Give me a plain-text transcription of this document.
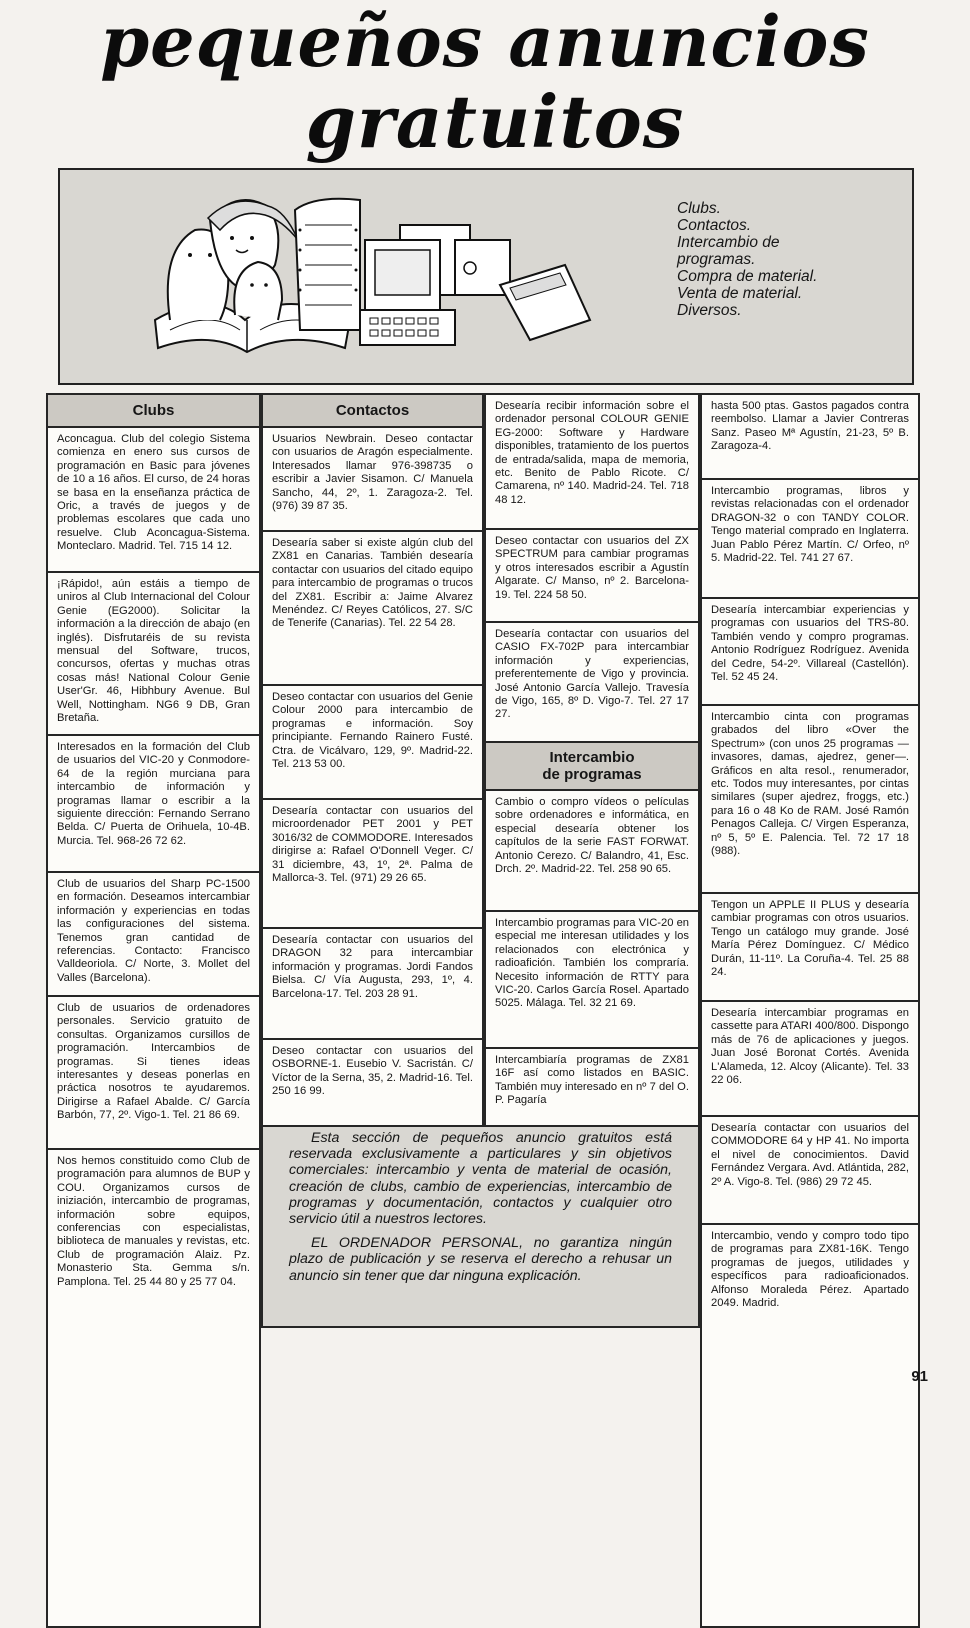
pequeños anuncios
gratuitos
Clubs.
Contactos.
Intercambio de
programas.
Compra de material.
Venta de material.
Diversos.
Clubs

Aconcagua. Club del colegio Sistema comienza en enero sus cursos de programación en Basic para jóvenes de 10 a 16 años. El curso, de 24 horas se basa en la enseñanza práctica de Oric, a través de juegos y de problemas escolares que cada uno resuelve. Club Aconcagua-Sistema. Monteclaro. Madrid. Tel. 715 14 12.

¡Rápido!, aún estáis a tiempo de uniros al Club Internacional del Colour Genie (EG2000). Solicitar la información a la dirección de abajo (en inglés). Disfrutaréis de su revista mensual del Software, trucos, concursos, ofertas y muchas otras cosas más! National Colour Genie User'Gr. 46, Hibhbury Avenue. Bul Well, Nottingham. NG6 9 DB, Gran Bretaña.

Interesados en la formación del Club de usuarios del VIC-20 y Conmodore-64 de la región murciana para intercambio de información y programas llamar o escribir a la siguiente dirección: Fernando Serrano Belda. C/ Puerta de Orihuela, 10-4B. Murcia. Tel. 968-26 72 62.

Club de usuarios del Sharp PC-1500 en formación. Deseamos intercambiar información y experiencias en todas las configuraciones del sistema. Tenemos gran cantidad de referencias. Contacto: Francisco Valldeoriola. C/ Norte, 3. Mollet del Valles (Barcelona).

Club de usuarios de ordenadores personales. Servicio gratuito de consultas. Organizamos cursillos de programación. Intercambios de programas. Si tienes ideas interesantes y deseas ponerlas en práctica nosotros te ayudaremos. Dirigirse a Rafael Abalde. C/ García Barbón, 77, 2º. Vigo-1. Tel. 21 86 69.

Nos hemos constituido como Club de programación para alumnos de BUP y COU. Organizamos cursos de iniziación, intercambio de programas, información sobre equipos, conferencias con especialistas, biblioteca de manuales y revistas, etc. Club de programación Alaiz. Pz. Monasterio Sta. Gemma s/n. Pamplona. Tel. 25 44 80 y 25 77 04.

Contactos

Usuarios Newbrain. Deseo contactar con usuarios de Aragón especialmente. Interesados llamar 976-398735 o escribir a Javier Sisamon. C/ Manuela Sancho, 44, 2º, 1. Zaragoza-2. Tel. (976) 39 87 35.

Desearía saber si existe algún club del ZX81 en Canarias. También desearía contactar con usuarios del citado equipo para intercambio de programas o trucos del ZX81. Escribir a: Jaime Alvarez Menéndez. C/ Reyes Católicos, 27. S/C de Tenerife (Canarias). Tel. 22 54 28.

Deseo contactar con usuarios del Genie Colour 2000 para intercambio de programas e información. Soy principiante. Fernando Rainero Fusté. Ctra. de Vicálvaro, 129, 9º. Madrid-22. Tel. 213 53 00.

Desearía contactar con usuarios del microordenador PET 2001 y PET 3016/32 de COMMODORE. Interesados dirigirse a: Rafael O'Donnell Veger. C/ 31 diciembre, 43, 1º, 2ª. Palma de Mallorca-3. Tel. (971) 29 26 65.

Desearía contactar con usuarios del DRAGON 32 para intercambiar información y programas. Jordi Fandos Bielsa. C/ Vía Augusta, 293, 1º, 4. Barcelona-17. Tel. 203 28 91.

Deseo contactar con usuarios del OSBORNE-1. Eusebio V. Sacristán. C/ Víctor de la Serna, 35, 2. Madrid-16. Tel. 250 16 99.

Desearía recibir información sobre el ordenador personal COLOUR GENIE EG-2000: Software y Hardware disponibles, tratamiento de los puertos de entrada/salida, mapa de memoria, etc. Benito de Pablo Ricote. C/ Camarena, nº 140. Madrid-24. Tel. 718 48 12.

Deseo contactar con usuarios del ZX SPECTRUM para cambiar programas y otros interesados escribir a Agustín Algarate. C/ Manso, nº 2. Barcelona-19. Tel. 224 58 50.

Desearía contactar con usuarios del CASIO FX-702P para intercambiar información y experiencias, preferentemente de Vigo y provincia. José Antonio García Vallejo. Travesía de Vigo, 165, 8º D. Vigo-7. Tel. 27 17 27.

Intercambio
de programas

Cambio o compro vídeos o películas sobre ordenadores e informática, en especial desearía obtener los capítulos de la serie FAST FORWAT. Antonio Cerezo. C/ Balandro, 41, Esc. Drch. 2º. Madrid-22. Tel. 258 90 65.

Intercambio programas para VIC-20 en especial me interesan utilidades y los relacionados con electrónica y radioafición. También los compraría. Necesito información de RTTY para VIC-20. Carlos García Rosel. Apartado 5025. Málaga. Tel. 32 21 69.

Intercambiaría programas de ZX81 16F así como listados en BASIC. También muy interesado en nº 7 del O. P. Pagaría

hasta 500 ptas. Gastos pagados contra reembolso. Llamar a Javier Contreras Sanz. Paseo Mª Agustín, 21-23, 5º B. Zaragoza-4.

Intercambio programas, libros y revistas relacionadas con el ordenador DRAGON-32 o con TANDY COLOR. Tengo material comprado en Inglaterra. Juan Pablo Pérez Martín. C/ Orfeo, nº 5. Madrid-22. Tel. 741 27 67.

Desearía intercambiar experiencias y programas con usuarios del TRS-80. También vendo y compro programas. Antonio Rodríguez Rodríguez. Avenida del Cedre, 54-2º. Villareal (Castellón). Tel. 52 45 24.

Intercambio cinta con programas grabados del libro «Over the Spectrum» (con unos 25 programas —invasores, damas, ajedrez, gener—. Gráficos en alta resol., renumerador, etc. Todos muy interesantes, por cintas similares (super ajedrez, froggs, etc.) para 16 o 48 Ko de RAM. José Ramón Penagos Calleja. C/ Virgen Esperanza, nº 5, 5º E. Palencia. Tel. 72 17 18 (988).

Tengon un APPLE II PLUS y desearía cambiar programas con otros usuarios. Tengo un catálogo muy grande. José María Pérez Domínguez. C/ Médico Durán, 11-11º. La Coruña-4. Tel. 25 88 24.

Desearía intercambiar programas en cassette para ATARI 400/800. Dispongo más de 76 de aplicaciones y juegos. Juan José Boronat Cortés. Avenida L'Alameda, 12. Alcoy (Alicante). Tel. 33 22 06.

Desearía contactar con usuarios del COMMODORE 64 y HP 41. No importa el nivel de conocimientos. David Fernández Vergara. Avd. Atlántida, 282, 2º A. Vigo-8. Tel. (986) 29 72 45.

Intercambio, vendo y compro todo tipo de programas para ZX81-16K. Tengo programas de juegos, utilidades y específicos para radioaficionados. Alfonso Moraleda Pérez. Apartado 2049. Madrid.

Esta sección de pequeños anuncio gratuitos está reservada exclusivamente a particulares y sin objetivos comerciales: intercambio y venta de material de ocasión, creación de clubs, cambio de experiencias, intercambio de programas y documentación, contactos y cualquier otro servicio útil a nuestros lectores.

EL ORDENADOR PERSONAL, no garantiza ningún plazo de publicación y se reserva el derecho a rehusar un anuncio sin tener que dar ninguna explicación.

91
